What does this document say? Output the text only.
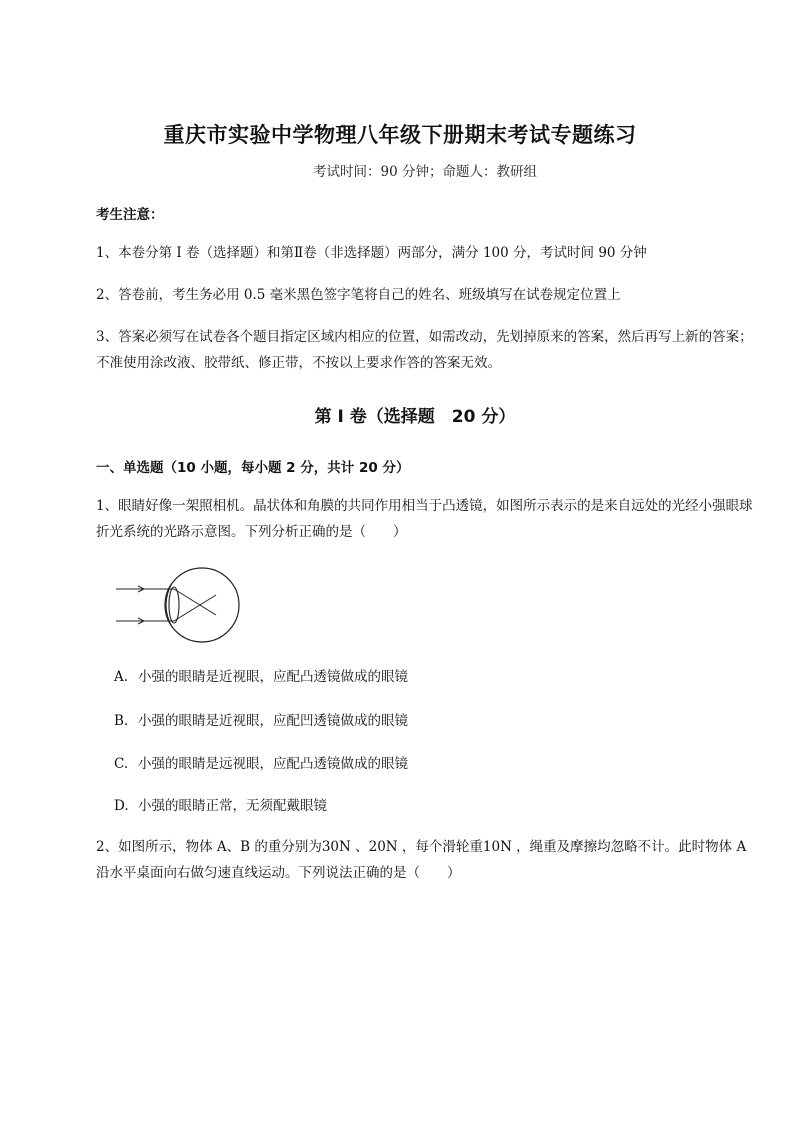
重庆市实验中学物理八年级下册期末考试专题练习
考试时间：90 分钟；命题人：教研组
考生注意：
1、本卷分第 I 卷（选择题）和第Ⅱ卷（非选择题）两部分，满分 100 分，考试时间 90 分钟
2、答卷前，考生务必用 0.5 毫米黑色签字笔将自己的姓名、班级填写在试卷规定位置上
3、答案必须写在试卷各个题目指定区域内相应的位置，如需改动，先划掉原来的答案，然后再写上新的答案；不准使用涂改液、胶带纸、修正带，不按以上要求作答的答案无效。
第 I 卷（选择题　20 分）
一、单选题（10 小题，每小题 2 分，共计 20 分）
1、眼睛好像一架照相机。晶状体和角膜的共同作用相当于凸透镜，如图所示表示的是来自远处的光经小强眼球折光系统的光路示意图。下列分析正确的是（　　）
A. 小强的眼睛是近视眼，应配凸透镜做成的眼镜
B. 小强的眼睛是近视眼，应配凹透镜做成的眼镜
C. 小强的眼睛是远视眼，应配凸透镜做成的眼镜
D. 小强的眼睛正常，无须配戴眼镜
2、如图所示，物体 A、B 的重分别为30N 、20N ，每个滑轮重10N ，绳重及摩擦均忽略不计。此时物体 A 沿水平桌面向右做匀速直线运动。下列说法正确的是（　　）
